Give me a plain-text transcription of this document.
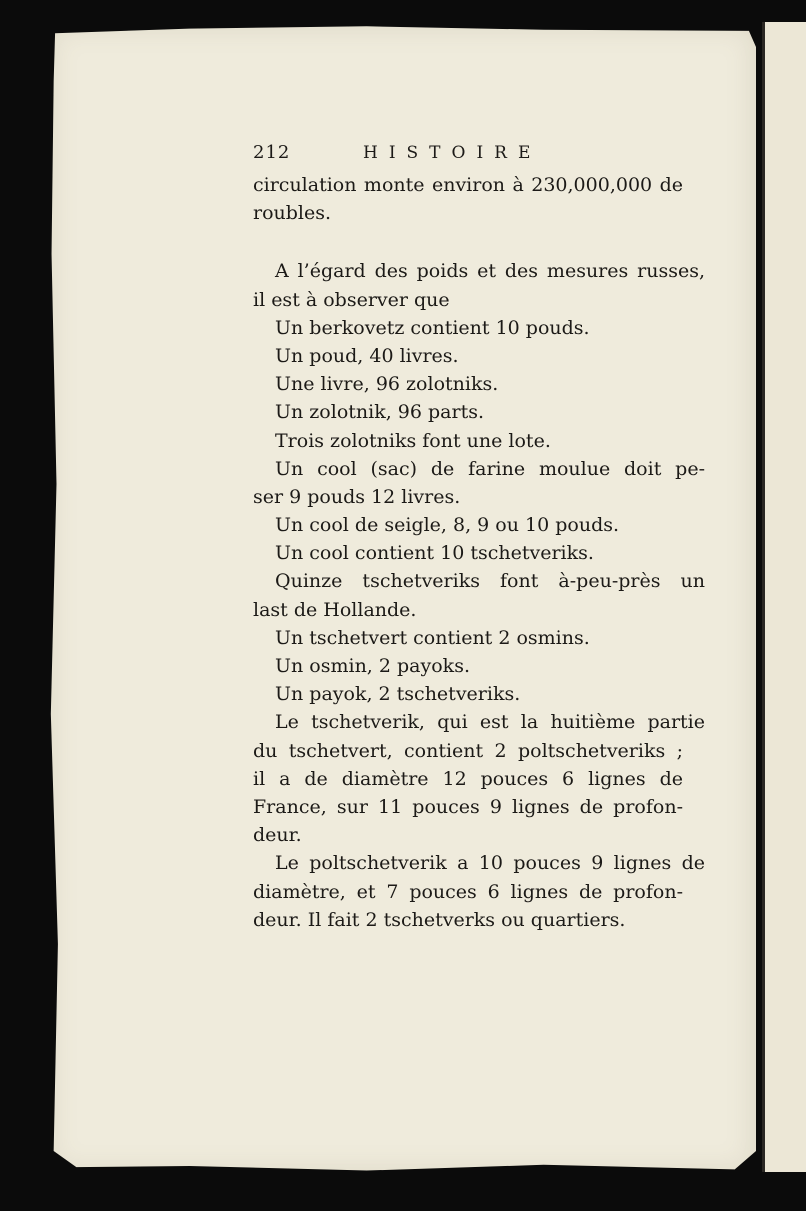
212	HISTOIRE
circulation monte environ à 230,000,000 de
roubles.
A l’égard des poids et des mesures russes,
il est à observer que
Un berkovetz contient 10 pouds.
Un poud, 40 livres.
Une livre, 96 zolotniks.
Un zolotnik, 96 parts.
Trois zolotniks font une lote.
Un cool (sac) de farine moulue doit pe-
ser 9 pouds 12 livres.
Un cool de seigle, 8, 9 ou 10 pouds.
Un cool contient 10 tschetveriks.
Quinze tschetveriks font à-peu-près un
last de Hollande.
Un tschetvert contient 2 osmins.
Un osmin, 2 payoks.
Un payok, 2 tschetveriks.
Le tschetverik, qui est la huitième partie
du tschetvert, contient 2 poltschetveriks ;
il a de diamètre 12 pouces 6 lignes de
France, sur 11 pouces 9 lignes de profon-
deur.
Le poltschetverik a 10 pouces 9 lignes de
diamètre, et 7 pouces 6 lignes de profon-
deur. Il fait 2 tschetverks ou quartiers.
